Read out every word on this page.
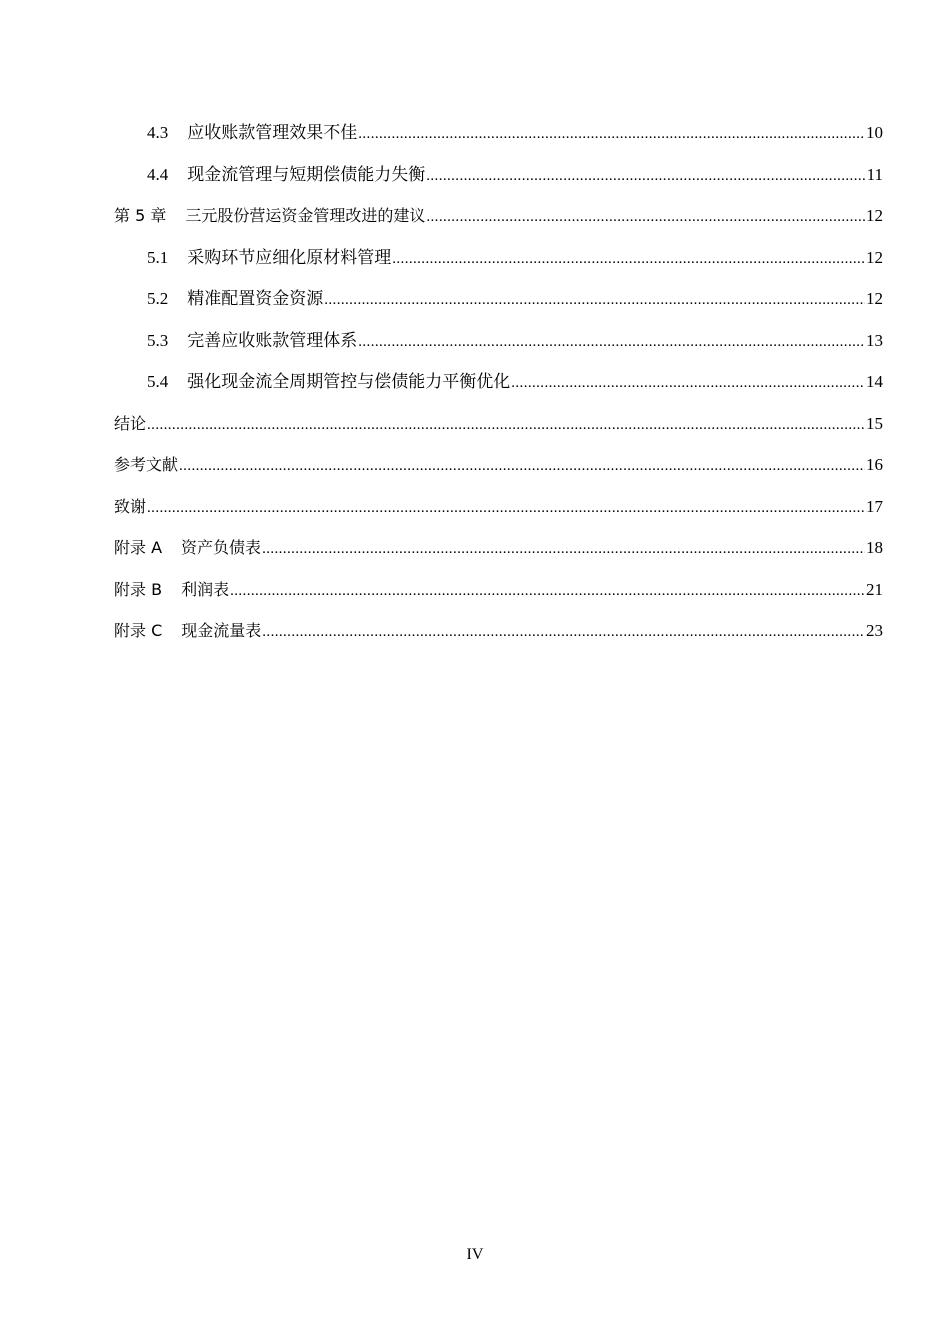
4.3 应收账款管理效果不佳 .....	10
4.4 现金流管理与短期偿债能力失衡 .....	11
第 5 章 三元股份营运资金管理改进的建议 .....	12
5.1 采购环节应细化原材料管理 .....	12
5.2 精准配置资金资源 .....	12
5.3 完善应收账款管理体系 .....	13
5.4 强化现金流全周期管控与偿债能力平衡优化 .....	14
结论 .....	15
参考文献 .....	16
致谢 .....	17
附录 A 资产负债表 .....	18
附录 B 利润表 .....	21
附录 C 现金流量表 .....	23
IV
